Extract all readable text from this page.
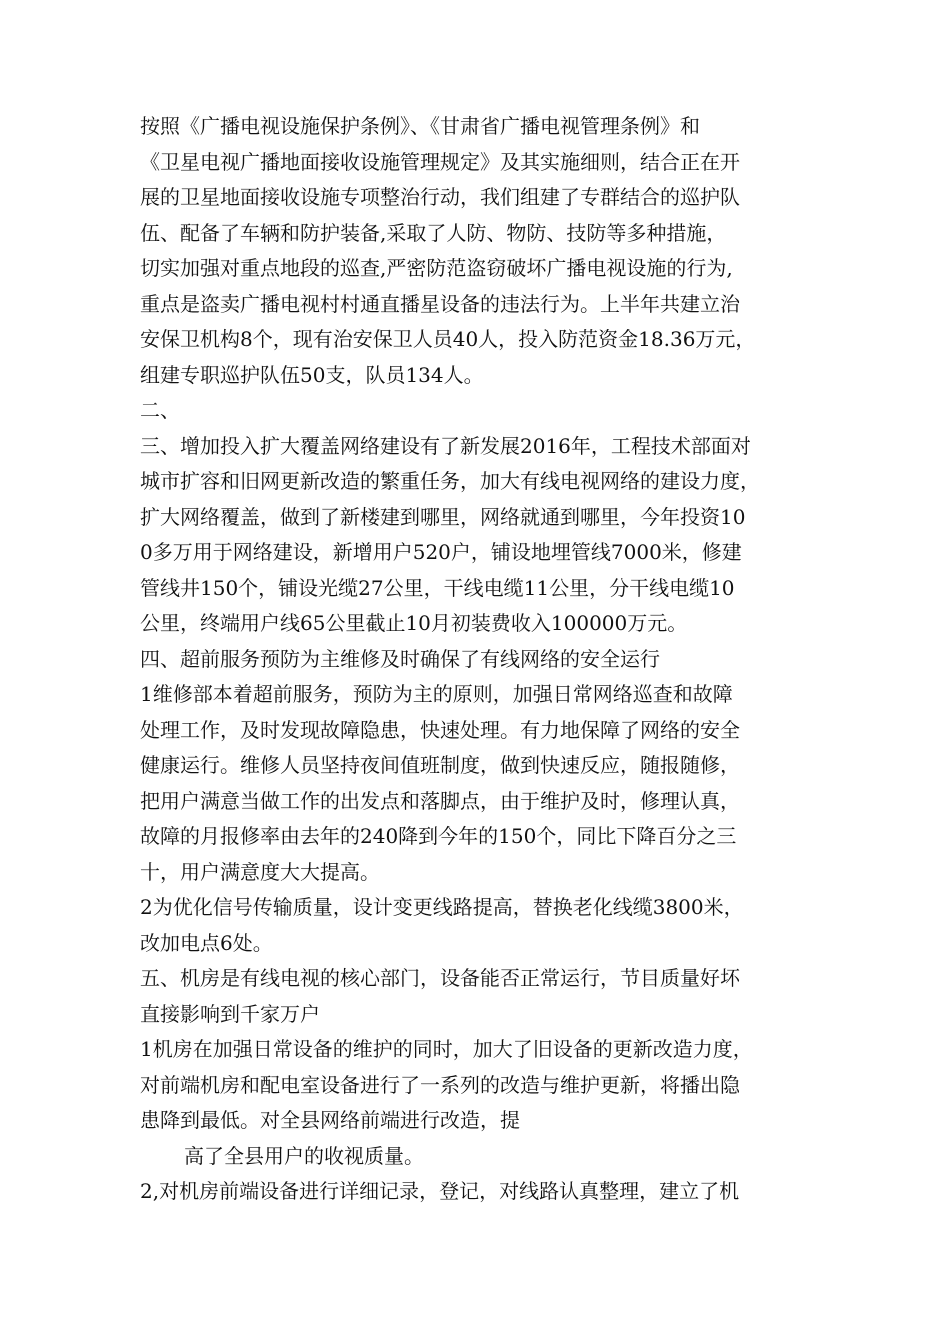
按照《广播电视设施保护条例》、《甘肃省广播电视管理条例》和
《卫星电视广播地面接收设施管理规定》及其实施细则，结合正在开
展的卫星地面接收设施专项整治行动，我们组建了专群结合的巡护队
伍、配备了车辆和防护装备,采取了人防、物防、技防等多种措施，
切实加强对重点地段的巡查,严密防范盗窃破坏广播电视设施的行为,
重点是盗卖广播电视村村通直播星设备的违法行为。上半年共建立治
安保卫机构8个，现有治安保卫人员40人，投入防范资金18.36万元，
组建专职巡护队伍50支，队员134人。
二、
三、增加投入扩大覆盖网络建设有了新发展2016年，工程技术部面对
城市扩容和旧网更新改造的繁重任务，加大有线电视网络的建设力度，
扩大网络覆盖，做到了新楼建到哪里，网络就通到哪里，今年投资10
0多万用于网络建设，新增用户520户，铺设地埋管线7000米，修建
管线井150个，铺设光缆27公里，干线电缆11公里，分干线电缆10
公里，终端用户线65公里截止10月初装费收入100000万元。
四、超前服务预防为主维修及时确保了有线网络的安全运行
1维修部本着超前服务，预防为主的原则，加强日常网络巡查和故障
处理工作，及时发现故障隐患，快速处理。有力地保障了网络的安全
健康运行。维修人员坚持夜间值班制度，做到快速反应，随报随修，
把用户满意当做工作的出发点和落脚点，由于维护及时，修理认真，
故障的月报修率由去年的240降到今年的150个，同比下降百分之三
十，用户满意度大大提高。
2为优化信号传输质量，设计变更线路提高，替换老化线缆3800米，
改加电点6处。
五、机房是有线电视的核心部门，设备能否正常运行，节目质量好坏
直接影响到千家万户
1机房在加强日常设备的维护的同时，加大了旧设备的更新改造力度，
对前端机房和配电室设备进行了一系列的改造与维护更新，将播出隐
患降到最低。对全县网络前端进行改造，提
高了全县用户的收视质量。
2,对机房前端设备进行详细记录，登记，对线路认真整理，建立了机
